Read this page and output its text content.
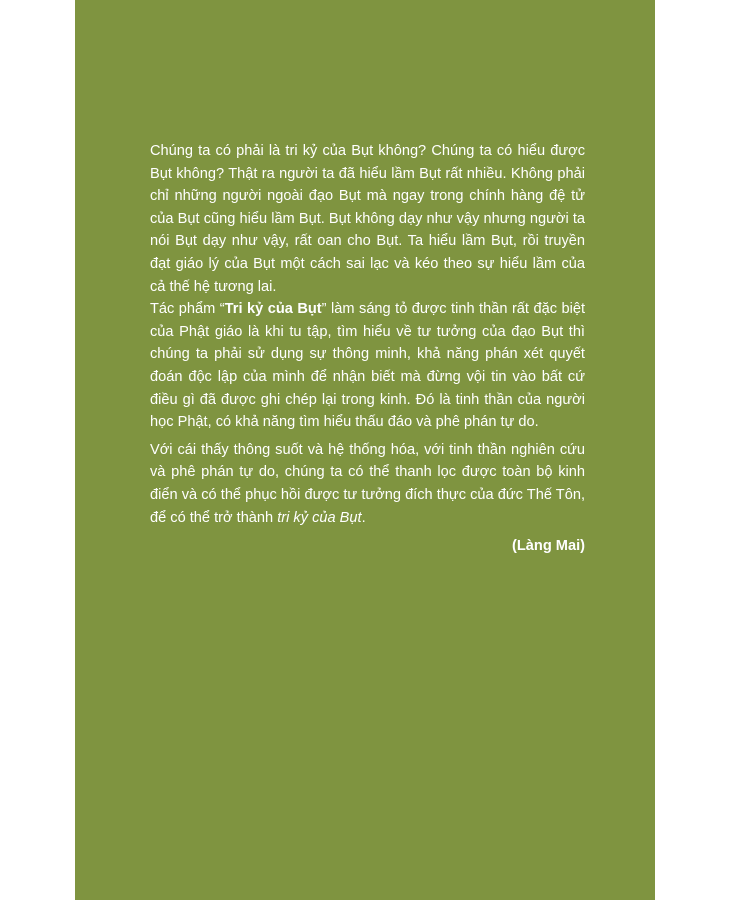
Chúng ta có phải là tri kỷ của Bụt không? Chúng ta có hiểu được Bụt không? Thật ra người ta đã hiểu lầm Bụt rất nhiều. Không phải chỉ những người ngoài đạo Bụt mà ngay trong chính hàng đệ tử của Bụt cũng hiểu lầm Bụt. Bụt không dạy như vậy nhưng người ta nói Bụt dạy như vậy, rất oan cho Bụt. Ta hiểu lầm Bụt, rồi truyền đạt giáo lý của Bụt một cách sai lạc và kéo theo sự hiểu lầm của cả thế hệ tương lai.

Tác phẩm “Tri kỷ của Bụt” làm sáng tỏ được tinh thần rất đặc biệt của Phật giáo là khi tu tập, tìm hiểu về tư tưởng của đạo Bụt thì chúng ta phải sử dụng sự thông minh, khả năng phán xét quyết đoán độc lập của mình để nhận biết mà đừng vội tin vào bất cứ điều gì đã được ghi chép lại trong kinh. Đó là tinh thần của người học Phật, có khả năng tìm hiểu thấu đáo và phê phán tự do.

Với cái thấy thông suốt và hệ thống hóa, với tinh thần nghiên cứu và phê phán tự do, chúng ta có thể thanh lọc được toàn bộ kinh điển và có thể phục hồi được tư tưởng đích thực của đức Thế Tôn, để có thể trở thành tri kỷ của Bụt.

(Làng Mai)
